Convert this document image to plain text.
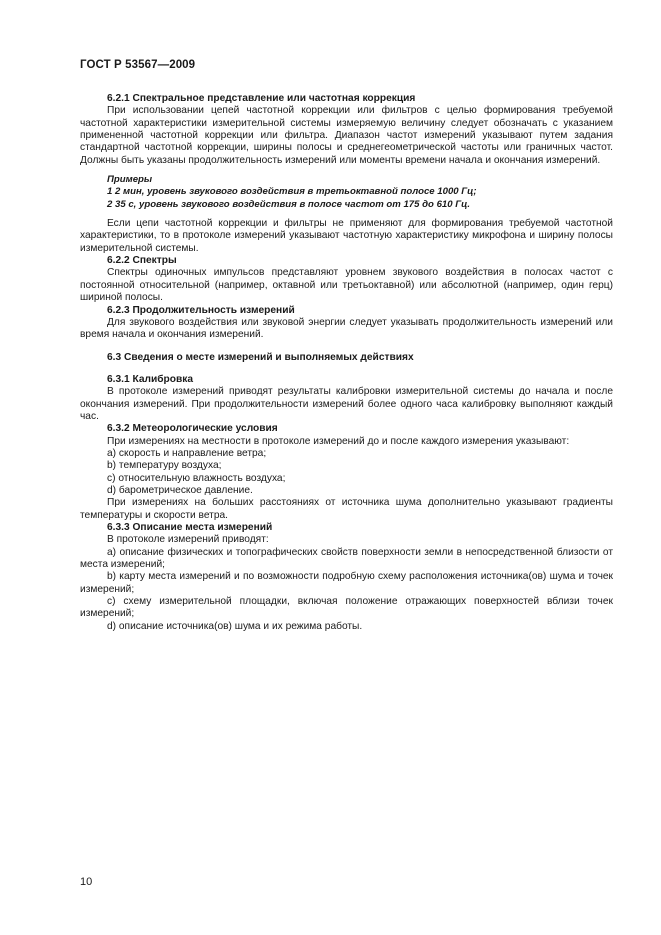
ГОСТ Р 53567—2009

6.2.1 Спектральное представление или частотная коррекция

При использовании цепей частотной коррекции или фильтров с целью формирования требуемой частотной характеристики измерительной системы измеряемую величину следует обозначать с указанием примененной частотной коррекции или фильтра. Диапазон частот измерений указывают путем задания стандартной частотной коррекции, ширины полосы и среднегеометрической частоты или граничных частот. Должны быть указаны продолжительность измерений или моменты времени начала и окончания измерений.

Примеры

1 2 мин, уровень звукового воздействия в третьоктавной полосе 1000 Гц;

2 35 с, уровень звукового воздействия в полосе частот от 175 до 610 Гц.

Если цепи частотной коррекции и фильтры не применяют для формирования требуемой частотной характеристики, то в протоколе измерений указывают частотную характеристику микрофона и ширину полосы измерительной системы.

6.2.2 Спектры

Спектры одиночных импульсов представляют уровнем звукового воздействия в полосах частот с постоянной относительной (например, октавной или третьоктавной) или абсолютной (например, один герц) шириной полосы.

6.2.3 Продолжительность измерений

Для звукового воздействия или звуковой энергии следует указывать продолжительность измерений или время начала и окончания измерений.

6.3 Сведения о месте измерений и выполняемых действиях

6.3.1 Калибровка

В протоколе измерений приводят результаты калибровки измерительной системы до начала и после окончания измерений. При продолжительности измерений более одного часа калибровку выполняют каждый час.

6.3.2 Метеорологические условия

При измерениях на местности в протоколе измерений до и после каждого измерения указывают:

a) скорость и направление ветра;

b) температуру воздуха;

c) относительную влажность воздуха;

d) барометрическое давление.

При измерениях на больших расстояниях от источника шума дополнительно указывают градиенты температуры и скорости ветра.

6.3.3 Описание места измерений

В протоколе измерений приводят:

a) описание физических и топографических свойств поверхности земли в непосредственной близости от места измерений;

b) карту места измерений и по возможности подробную схему расположения источника(ов) шума и точек измерений;

c) схему измерительной площадки, включая положение отражающих поверхностей вблизи точек измерений;

d) описание источника(ов) шума и их режима работы.

10
